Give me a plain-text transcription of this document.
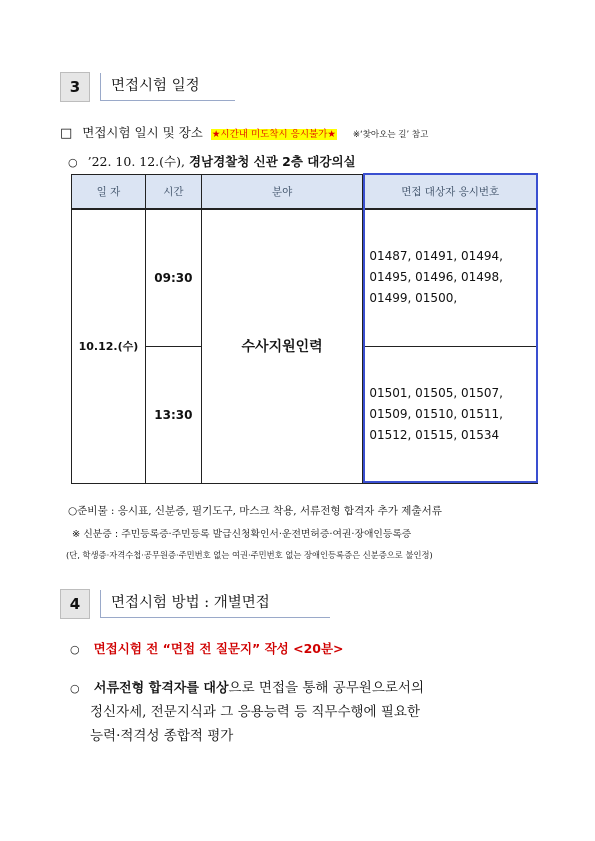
3	면접시험 일정
□ 면접시험 일시 및 장소 ★시간내 미도착시 응시불가★ ※‘찾아오는 길’ 참고
○ ’22. 10. 12.(수), 경남경찰청 신관 2층 대강의실
일 자	시간	분야	면접 대상자 응시번호
10.12.(수)	09:30	수사지원인력	01487, 01491, 01494,
01495, 01496, 01498,
01499, 01500,

	13:30		01501, 01505, 01507,
01509, 01510, 01511,
01512, 01515, 01534
○준비물 : 응시표, 신분증, 필기도구, 마스크 착용, 서류전형 합격자 추가 제출서류
※ 신분증 : 주민등록증·주민등록 발급신청확인서·운전면허증·여권·장애인등록증
(단, 학생증·자격수첩·공무원증·주민번호 없는 여권·주민번호 없는 장애인등록증은 신분증으로 불인정)
4	면접시험 방법 : 개별면접
○ 면접시험 전 “면접 전 질문지” 작성 <20분>
○ 서류전형 합격자를 대상으로 면접을 통해 공무원으로서의
정신자세, 전문지식과 그 응용능력 등 직무수행에 필요한
능력·적격성 종합적 평가
